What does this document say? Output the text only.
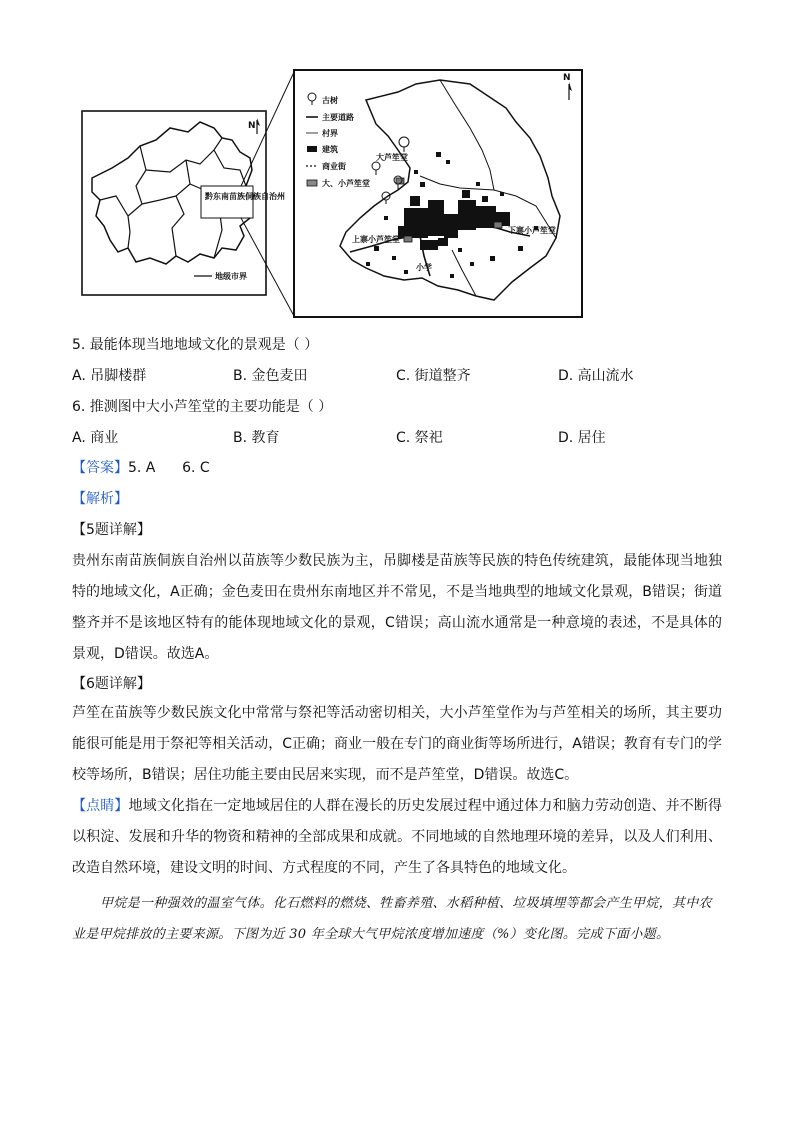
黔东南苗族侗族自治州
N
地级市界
大芦笙堂
上寨小芦笙堂
下寨小芦笙堂
小学
N
古树
主要道路
村界
建筑
商业街
大、小芦笙堂

5. 最能体现当地地域文化的景观是（ ）

A. 吊脚楼群	B. 金色麦田	C. 街道整齐	D. 高山流水

6. 推测图中大小芦笙堂的主要功能是（ ）

A. 商业	B. 教育	C. 祭祀	D. 居住
【答案】5. A      6. C
【解析】
【5题详解】

贵州东南苗族侗族自治州以苗族等少数民族为主，吊脚楼是苗族等民族的特色传统建筑，最能体现当地独特的地域文化，A正确；金色麦田在贵州东南地区并不常见，不是当地典型的地域文化景观，B错误；街道整齐并不是该地区特有的能体现地域文化的景观，C错误；高山流水通常是一种意境的表述，不是具体的景观，D错误。故选A。

【6题详解】

芦笙在苗族等少数民族文化中常常与祭祀等活动密切相关，大小芦笙堂作为与芦笙相关的场所，其主要功能很可能是用于祭祀等相关活动，C正确；商业一般在专门的商业街等场所进行，A错误；教育有专门的学校等场所，B错误；居住功能主要由民居来实现，而不是芦笙堂，D错误。故选C。

【点睛】地域文化指在一定地域居住的人群在漫长的历史发展过程中通过体力和脑力劳动创造、并不断得以积淀、发展和升华的物资和精神的全部成果和成就。不同地域的自然地理环境的差异，以及人们利用、改造自然环境，建设文明的时间、方式程度的不同，产生了各具特色的地域文化。

甲烷是一种强效的温室气体。化石燃料的燃烧、牲畜养殖、水稻种植、垃圾填埋等都会产生甲烷，其中农业是甲烷排放的主要来源。下图为近 30 年全球大气甲烷浓度增加速度（%）变化图。完成下面小题。
